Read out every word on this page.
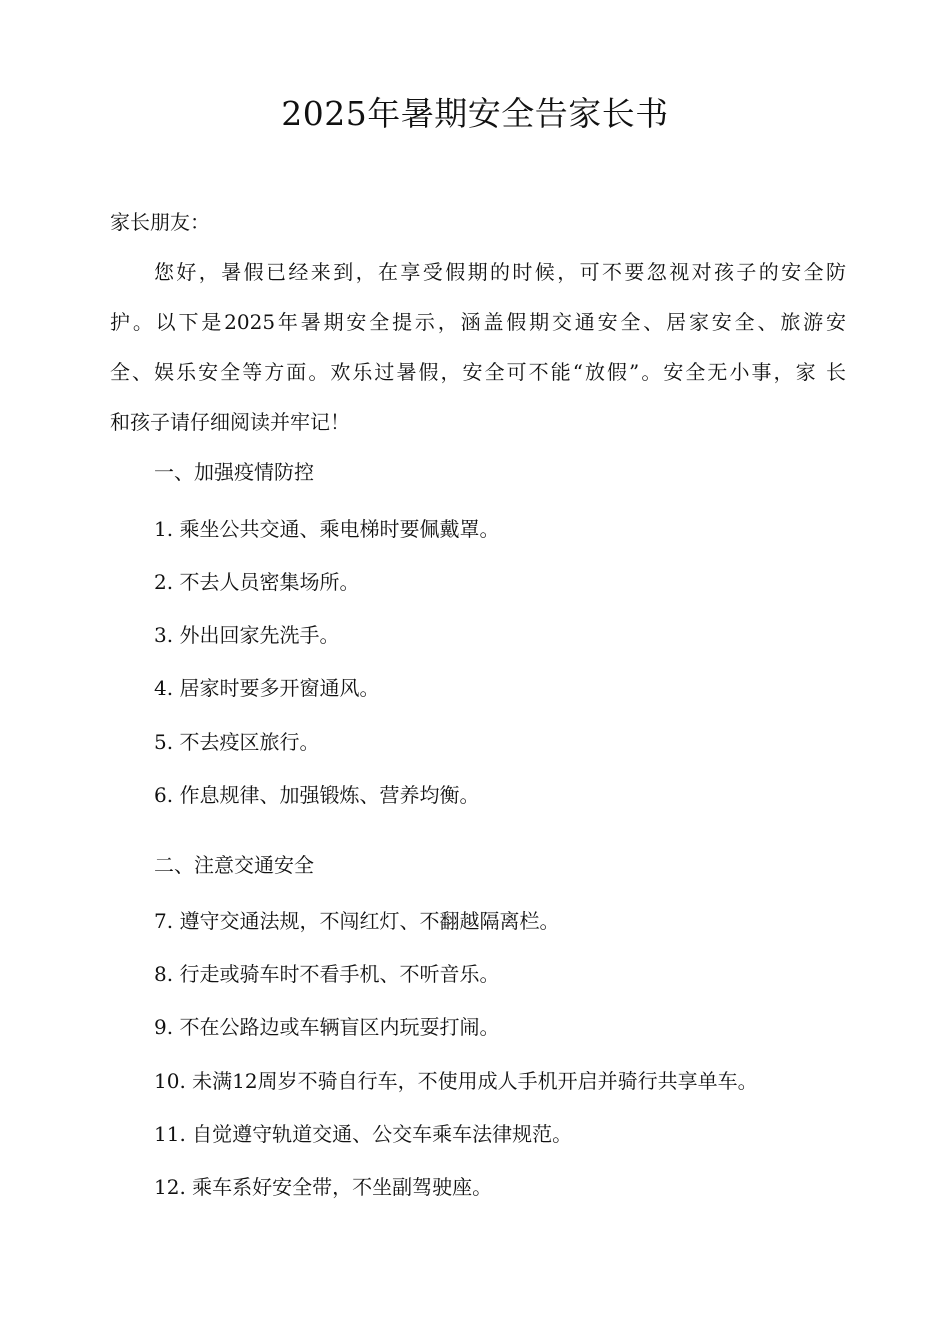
2025年暑期安全告家长书
家长朋友：
您好，暑假已经来到，在享受假期的时候，可不要忽视对孩子的安全防
护。以下是2025年暑期安全提示，涵盖假期交通安全、居家安全、旅游安
全、娱乐安全等方面。欢乐过暑假，安全可不能“放假”。安全无小事，家 长
和孩子请仔细阅读并牢记！
一、加强疫情防控
1. 乘坐公共交通、乘电梯时要佩戴罩。
2. 不去人员密集场所。
3. 外出回家先洗手。
4. 居家时要多开窗通风。
5. 不去疫区旅行。
6. 作息规律、加强锻炼、营养均衡。
二、注意交通安全
7. 遵守交通法规，不闯红灯、不翻越隔离栏。
8. 行走或骑车时不看手机、不听音乐。
9. 不在公路边或车辆盲区内玩耍打闹。
10. 未满12周岁不骑自行车，不使用成人手机开启并骑行共享单车。
11. 自觉遵守轨道交通、公交车乘车法律规范。
12. 乘车系好安全带，不坐副驾驶座。
